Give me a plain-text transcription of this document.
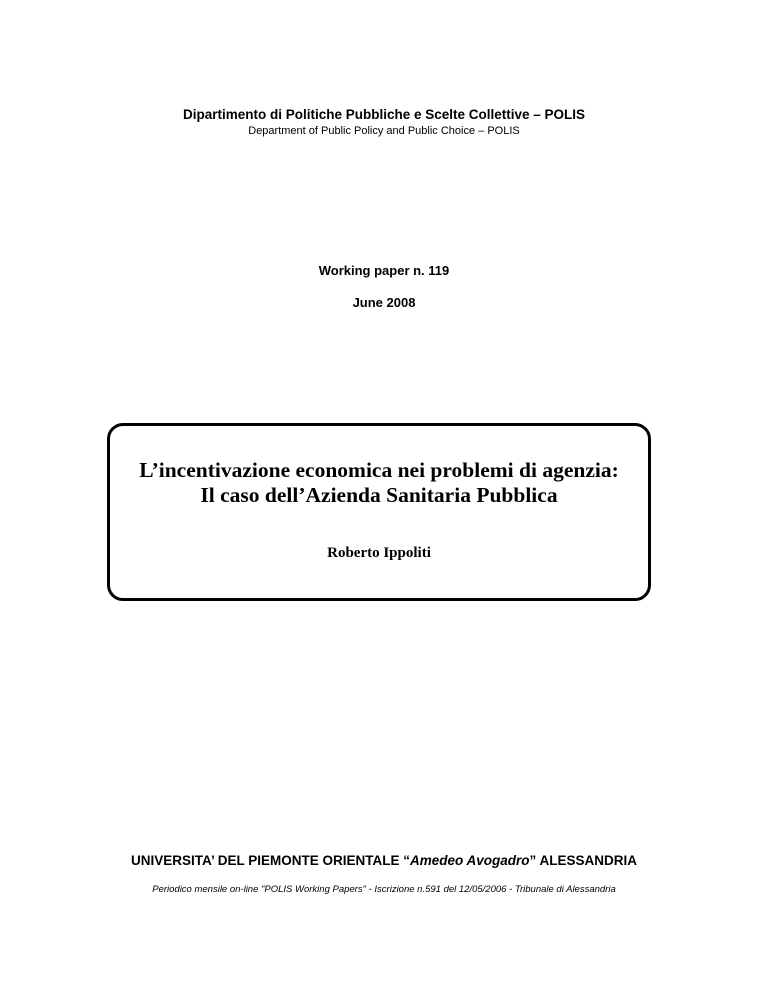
Dipartimento di Politiche Pubbliche e Scelte Collettive – POLIS
Department of Public Policy and Public Choice – POLIS
Working paper n. 119
June 2008
L’incentivazione economica nei problemi di agenzia:
Il caso dell’Azienda Sanitaria Pubblica
Roberto Ippoliti
UNIVERSITA’ DEL PIEMONTE ORIENTALE “Amedeo Avogadro” ALESSANDRIA
Periodico mensile on-line "POLIS Working Papers" - Iscrizione n.591 del 12/05/2006 - Tribunale di Alessandria
